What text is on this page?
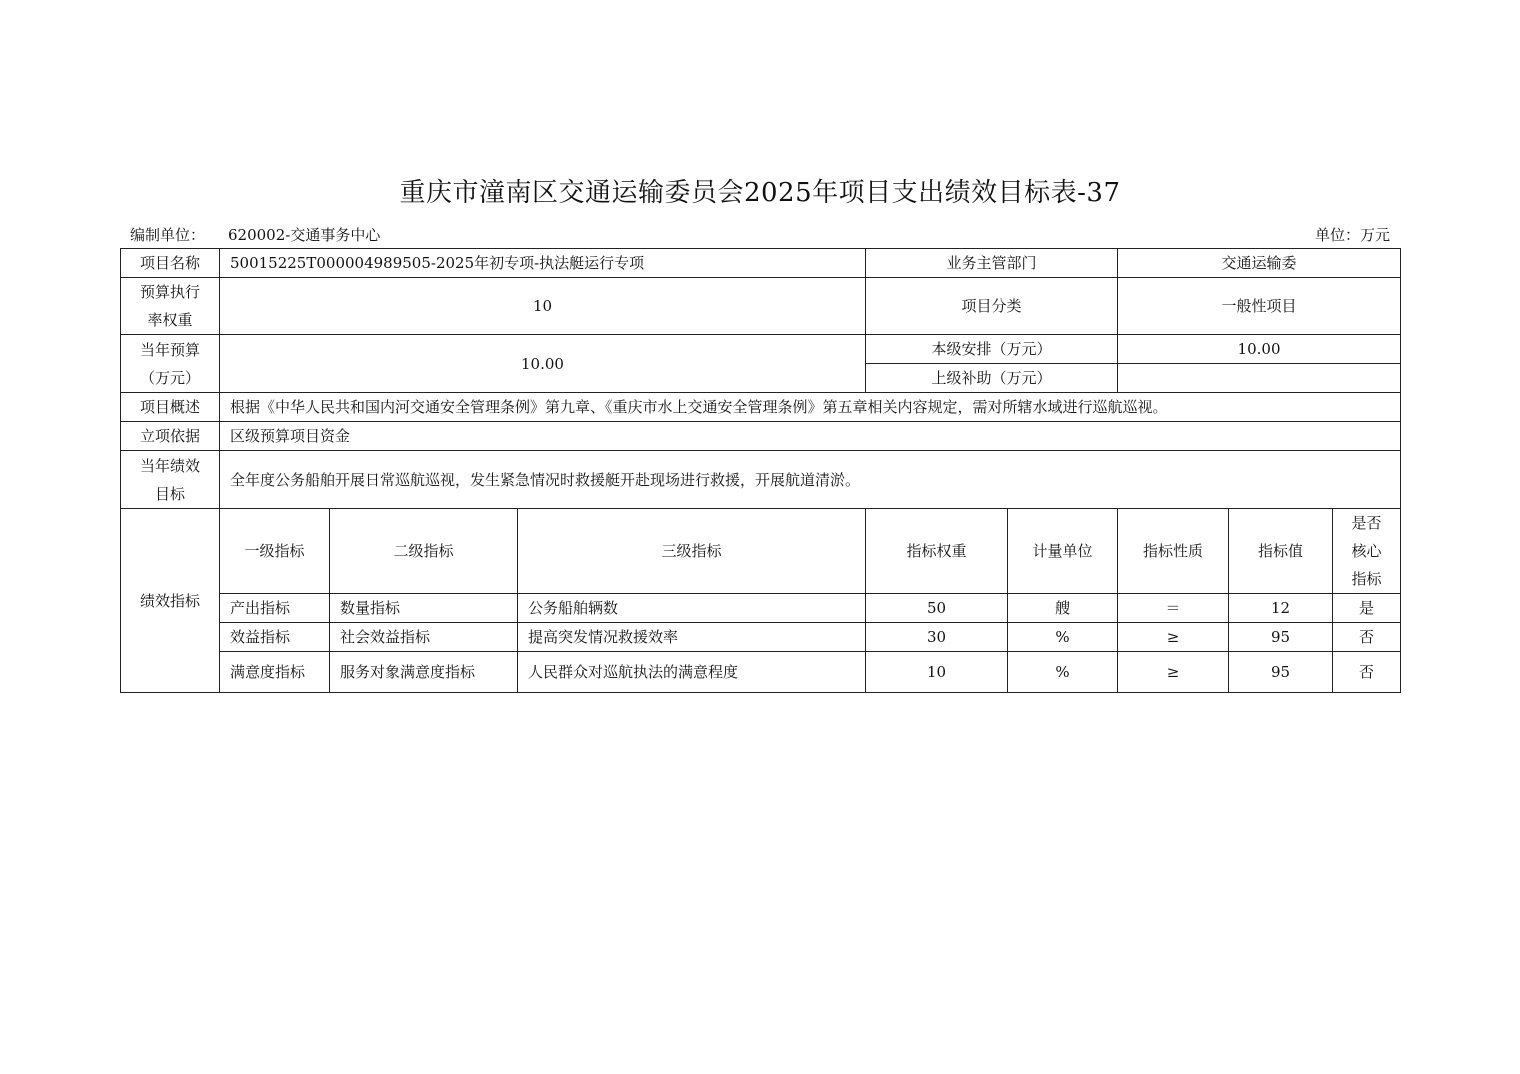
重庆市潼南区交通运输委员会2025年项目支出绩效目标表-37
编制单位： 620002-交通事务中心	单位：万元
项目名称	50015225T000004989505-2025年初专项-执法艇运行专项			业务主管部门		交通运输委		
预算执行
率权重	10			项目分类		一般性项目		
当年预算
（万元）	10.00			本级安排（万元）		10.00		
				上级补助（万元）				
项目概述	根据《中华人民共和国内河交通安全管理条例》第九章、《重庆市水上交通安全管理条例》第五章相关内容规定，需对所辖水域进行巡航巡视。							
立项依据	区级预算项目资金							
当年绩效
目标	全年度公务船舶开展日常巡航巡视，发生紧急情况时救援艇开赴现场进行救援，开展航道清淤。							
绩效指标	一级指标	二级指标	三级指标	指标权重	计量单位	指标性质	指标值	是否
核心
指标
	产出指标	数量指标	公务船舶辆数	50	艘	＝	12	是
	效益指标	社会效益指标	提高突发情况救援效率	30	%	≥	95	否
	满意度指标	服务对象满意度指标	人民群众对巡航执法的满意程度	10	%	≥	95	否
